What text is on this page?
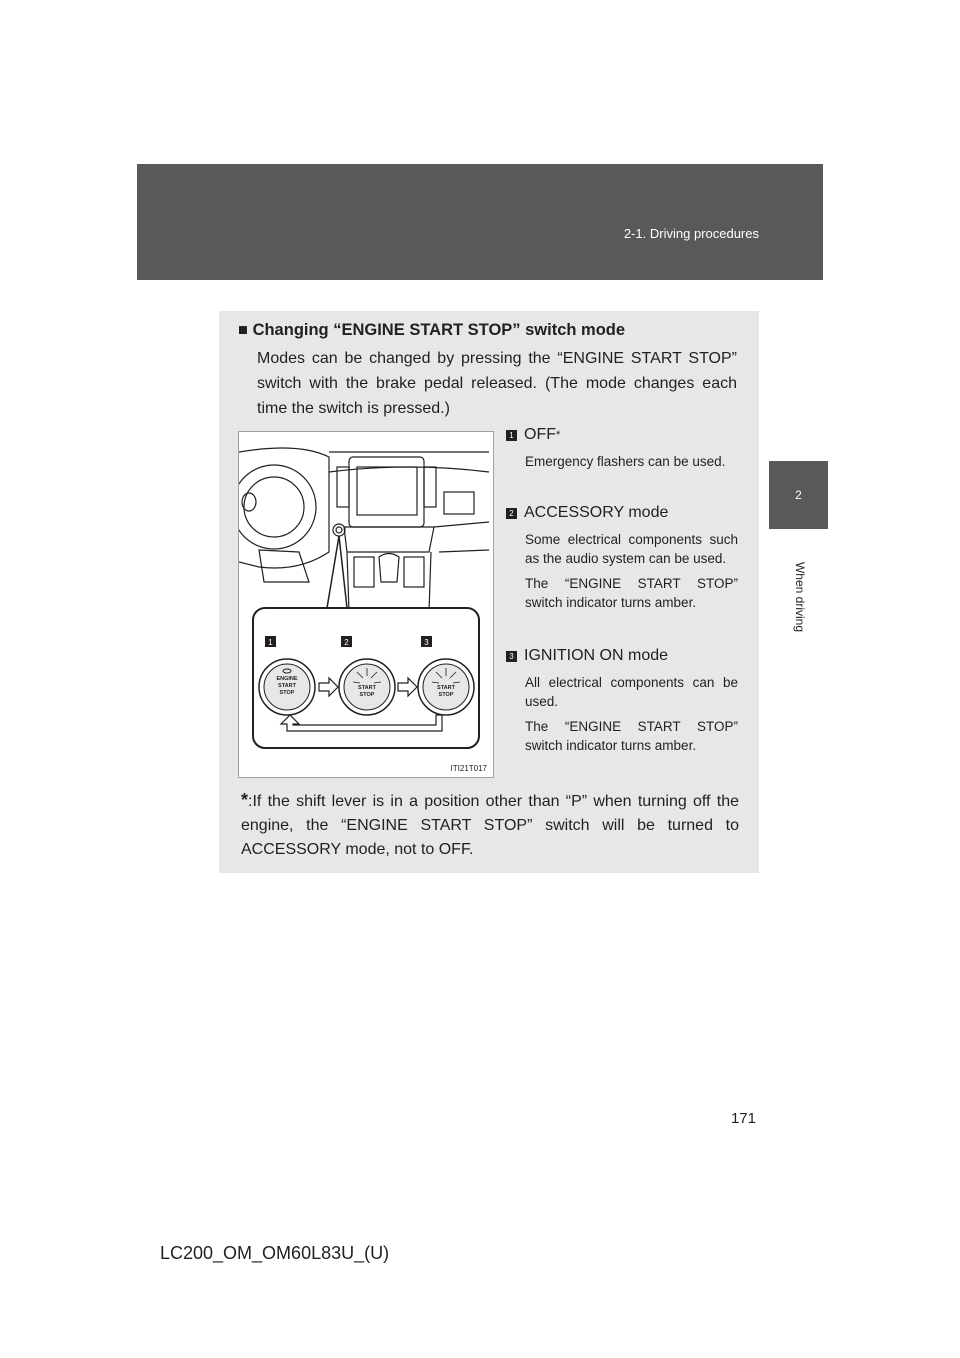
2-1. Driving procedures
2
When driving
■ Changing “ENGINE START STOP” switch mode
Modes can be changed by pressing the “ENGINE START STOP” switch with the brake pedal released. (The mode changes each time the switch is pressed.)
1	2	3
ENGINE
START
STOP
START
STOP
START
STOP
ITI21T017
1 OFF *
Emergency flashers can be used.
2 ACCESSORY mode
Some electrical components such as the audio system can be used.
The “ENGINE START STOP” switch indicator turns amber.
3 IGNITION ON mode
All electrical components can be used.
The “ENGINE START STOP” switch indicator turns amber.
*:If the shift lever is in a position other than “P” when turning off the engine, the “ENGINE START STOP” switch will be turned to ACCESSORY mode, not to OFF.
171
LC200_OM_OM60L83U_(U)
